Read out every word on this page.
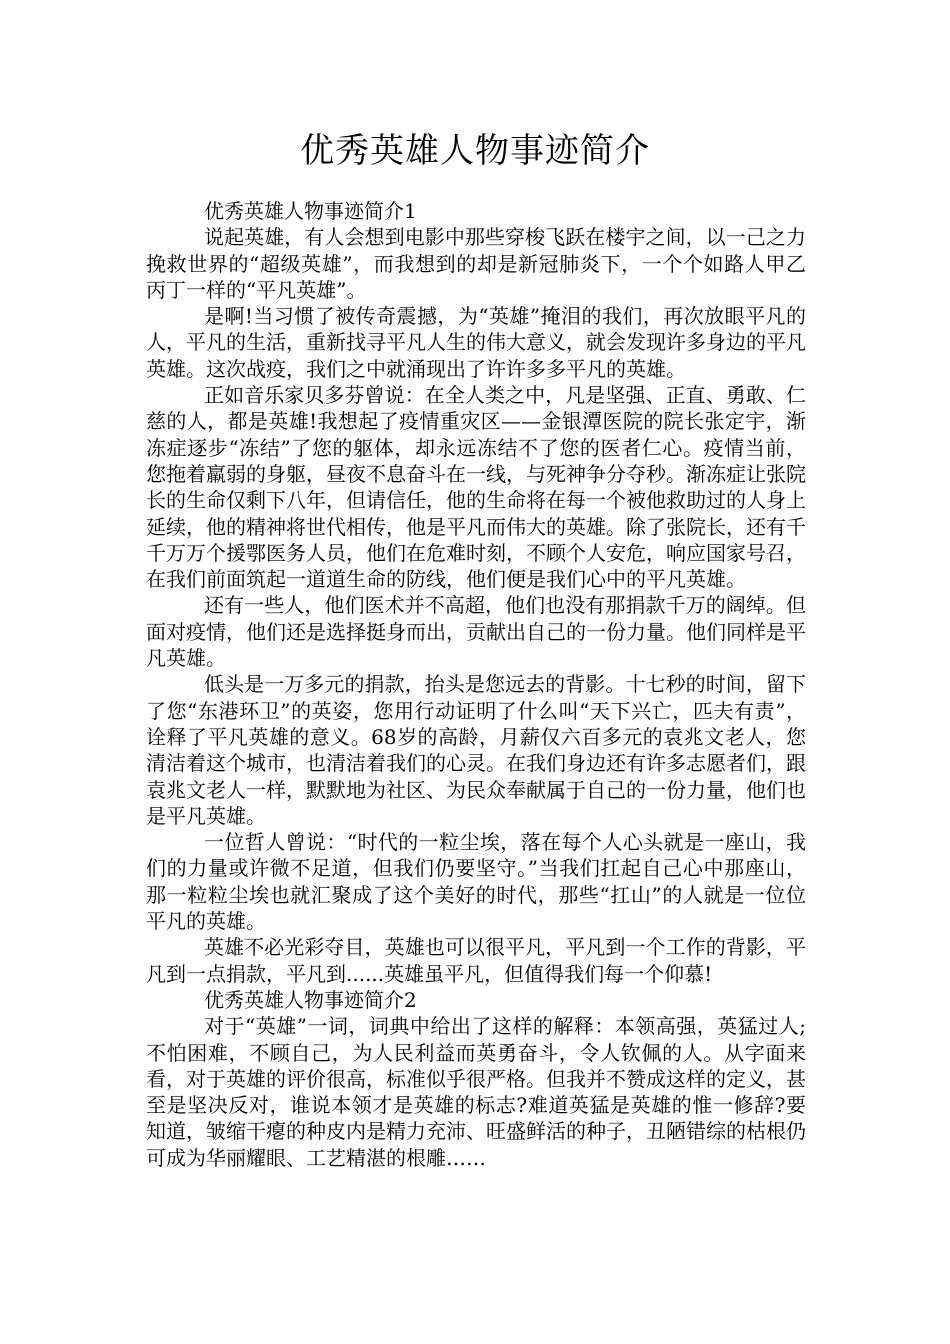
优秀英雄人物事迹简介

优秀英雄人物事迹简介1

说起英雄，有人会想到电影中那些穿梭飞跃在楼宇之间，以一己之力挽救世界的“超级英雄”，而我想到的却是新冠肺炎下，一个个如路人甲乙丙丁一样的“平凡英雄”。

是啊!当习惯了被传奇震撼，为“英雄”掩泪的我们，再次放眼平凡的人，平凡的生活，重新找寻平凡人生的伟大意义，就会发现许多身边的平凡英雄。这次战疫，我们之中就涌现出了许许多多平凡的英雄。

正如音乐家贝多芬曾说：在全人类之中，凡是坚强、正直、勇敢、仁慈的人，都是英雄!我想起了疫情重灾区——金银潭医院的院长张定宇，渐冻症逐步“冻结”了您的躯体，却永远冻结不了您的医者仁心。疫情当前，您拖着羸弱的身躯，昼夜不息奋斗在一线，与死神争分夺秒。渐冻症让张院长的生命仅剩下八年，但请信任，他的生命将在每一个被他救助过的人身上延续，他的精神将世代相传，他是平凡而伟大的英雄。除了张院长，还有千千万万个援鄂医务人员，他们在危难时刻，不顾个人安危，响应国家号召，在我们前面筑起一道道生命的防线，他们便是我们心中的平凡英雄。

还有一些人，他们医术并不高超，他们也没有那捐款千万的阔绰。但面对疫情，他们还是选择挺身而出，贡献出自己的一份力量。他们同样是平凡英雄。

低头是一万多元的捐款，抬头是您远去的背影。十七秒的时间，留下了您“东港环卫”的英姿，您用行动证明了什么叫“天下兴亡，匹夫有责”，诠释了平凡英雄的意义。68岁的高龄，月薪仅六百多元的袁兆文老人，您清洁着这个城市，也清洁着我们的心灵。在我们身边还有许多志愿者们，跟袁兆文老人一样，默默地为社区、为民众奉献属于自己的一份力量，他们也是平凡英雄。

一位哲人曾说：“时代的一粒尘埃，落在每个人心头就是一座山，我们的力量或许微不足道，但我们仍要坚守。”当我们扛起自己心中那座山，那一粒粒尘埃也就汇聚成了这个美好的时代，那些“扛山”的人就是一位位平凡的英雄。

英雄不必光彩夺目，英雄也可以很平凡，平凡到一个工作的背影，平凡到一点捐款，平凡到......英雄虽平凡，但值得我们每一个仰慕!

优秀英雄人物事迹简介2

对于“英雄”一词，词典中给出了这样的解释：本领高强，英猛过人;不怕困难，不顾自己，为人民利益而英勇奋斗，令人钦佩的人。从字面来看，对于英雄的评价很高，标准似乎很严格。但我并不赞成这样的定义，甚至是坚决反对，谁说本领才是英雄的标志?难道英猛是英雄的惟一修辞?要知道，皱缩干瘪的种皮内是精力充沛、旺盛鲜活的种子，丑陋错综的枯根仍可成为华丽耀眼、工艺精湛的根雕……
